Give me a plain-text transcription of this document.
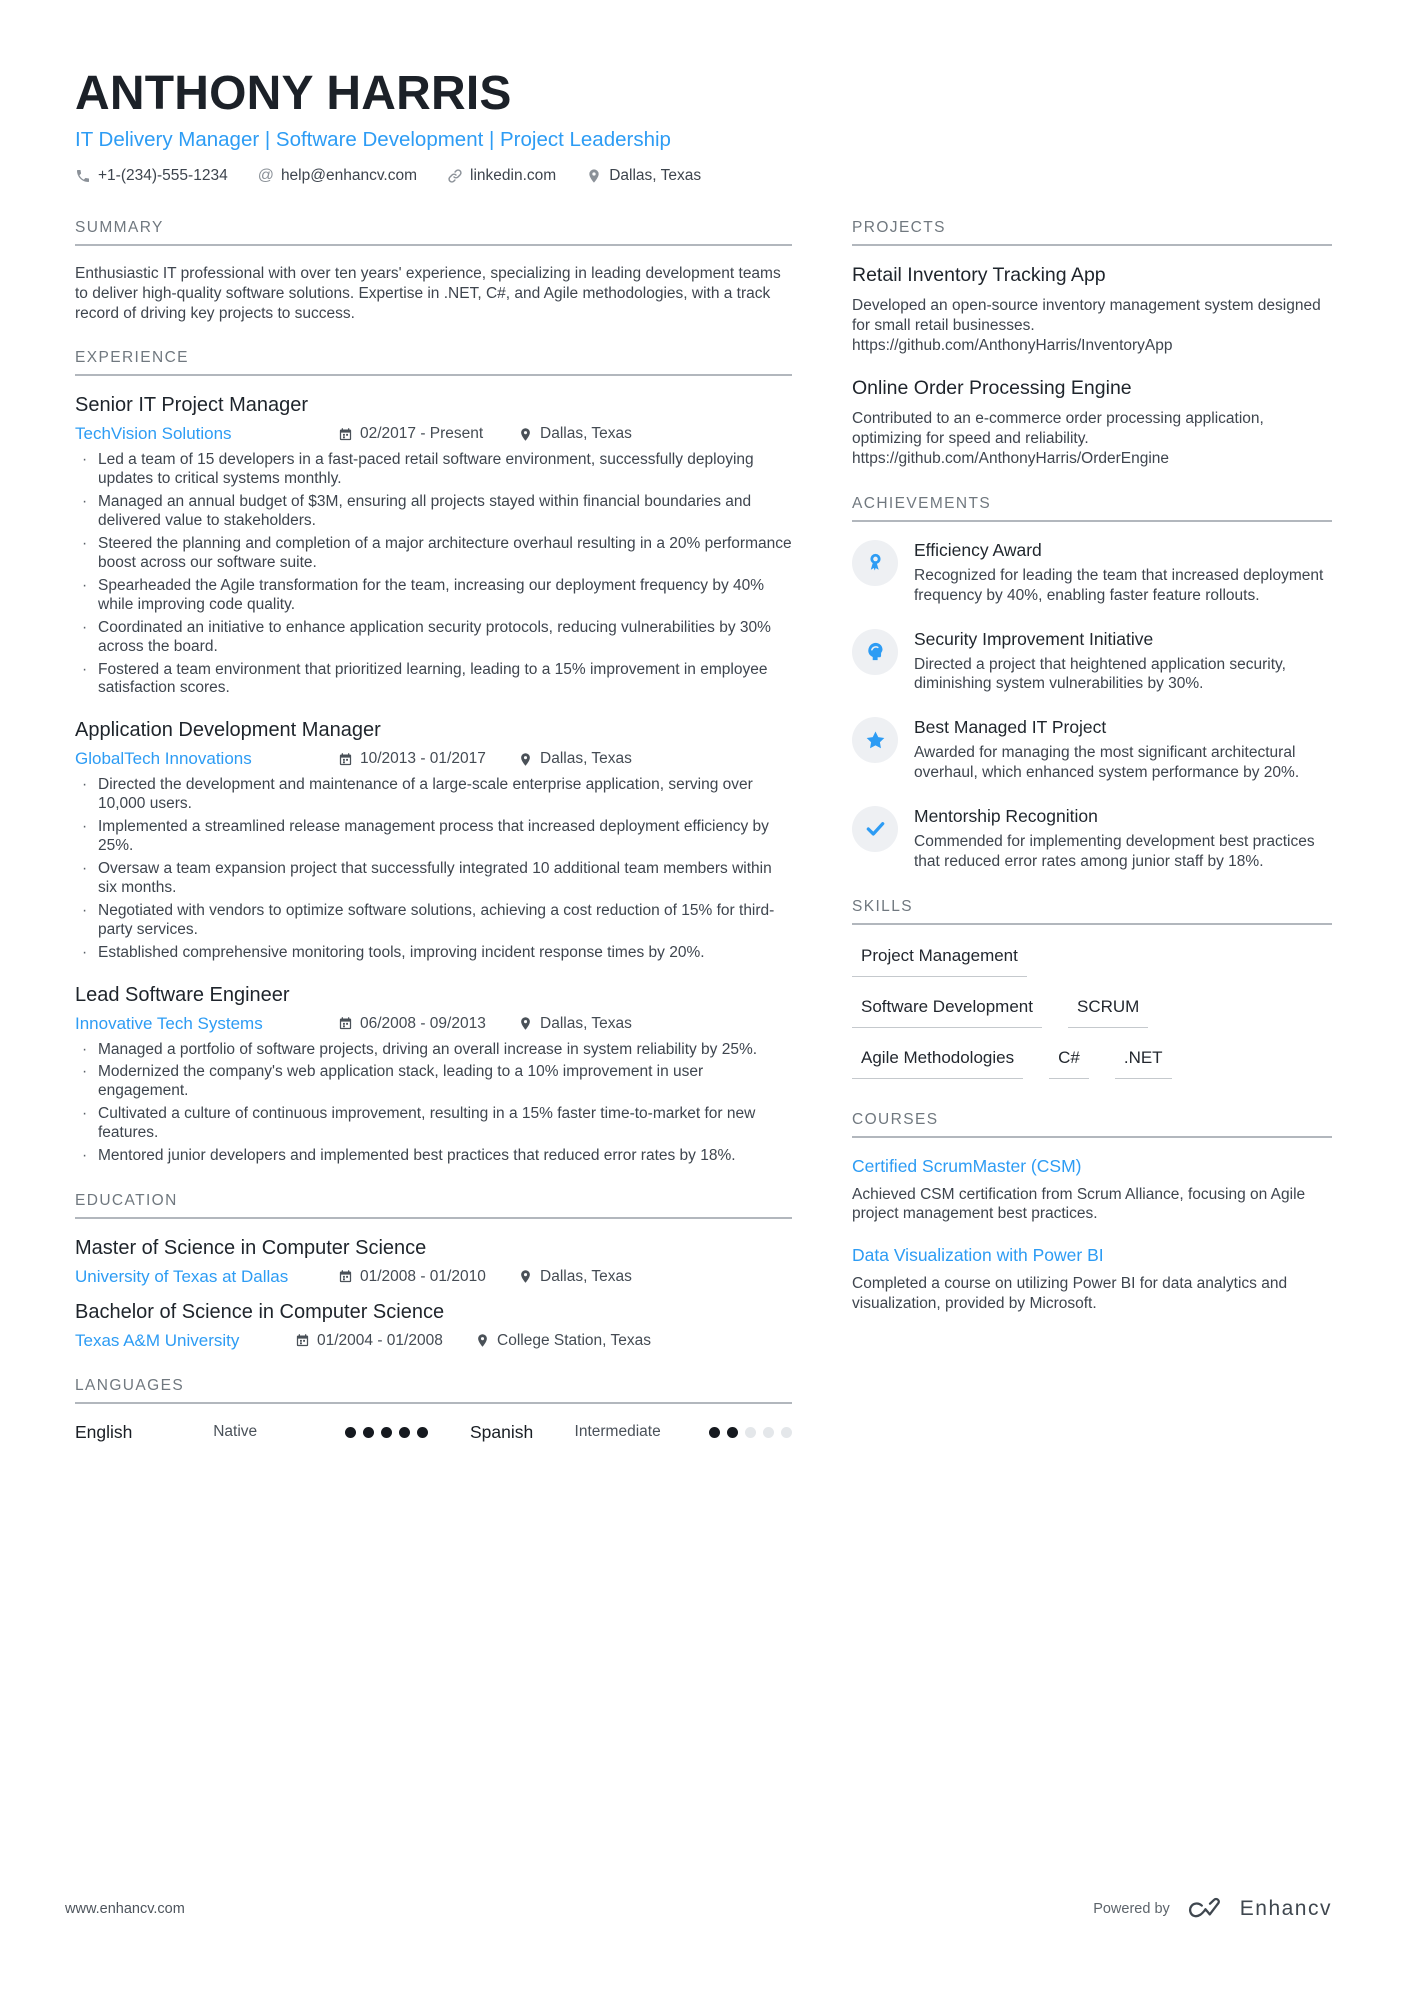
ANTHONY HARRIS
IT Delivery Manager | Software Development | Project Leadership
+1-(234)-555-1234 @ help@enhancv.com	linkedin.com	Dallas, Texas
SUMMARY

Enthusiastic IT professional with over ten years' experience, specializing in leading development teams to deliver high-quality software solutions. Expertise in .NET, C#, and Agile methodologies, with a track record of driving key projects to success.

EXPERIENCE
Senior IT Project Manager
TechVision Solutions	02/2017 - Present	Dallas, Texas
· Led a team of 15 developers in a fast-paced retail software environment, successfully deploying updates to critical systems monthly.
· Managed an annual budget of $3M, ensuring all projects stayed within financial boundaries and delivered value to stakeholders.
· Steered the planning and completion of a major architecture overhaul resulting in a 20% performance boost across our software suite.
· Spearheaded the Agile transformation for the team, increasing our deployment frequency by 40% while improving code quality.
· Coordinated an initiative to enhance application security protocols, reducing vulnerabilities by 30% across the board.
· Fostered a team environment that prioritized learning, leading to a 15% improvement in employee satisfaction scores.
Application Development Manager
GlobalTech Innovations	10/2013 - 01/2017	Dallas, Texas
· Directed the development and maintenance of a large-scale enterprise application, serving over 10,000 users.
· Implemented a streamlined release management process that increased deployment efficiency by 25%.
· Oversaw a team expansion project that successfully integrated 10 additional team members within six months.
· Negotiated with vendors to optimize software solutions, achieving a cost reduction of 15% for third-party services.
· Established comprehensive monitoring tools, improving incident response times by 20%.
Lead Software Engineer
Innovative Tech Systems	06/2008 - 09/2013	Dallas, Texas
· Managed a portfolio of software projects, driving an overall increase in system reliability by 25%.
· Modernized the company's web application stack, leading to a 10% improvement in user engagement.
· Cultivated a culture of continuous improvement, resulting in a 15% faster time-to-market for new features.
· Mentored junior developers and implemented best practices that reduced error rates by 18%.
EDUCATION
Master of Science in Computer Science
University of Texas at Dallas	01/2008 - 01/2010	Dallas, Texas
Bachelor of Science in Computer Science
Texas A&M University	01/2004 - 01/2008	College Station, Texas
LANGUAGES
English	Native	Spanish	Intermediate
PROJECTS
Retail Inventory Tracking App
Developed an open-source inventory management system designed for small retail businesses.
https://github.com/AnthonyHarris/InventoryApp
Online Order Processing Engine
Contributed to an e-commerce order processing application, optimizing for speed and reliability.
https://github.com/AnthonyHarris/OrderEngine
ACHIEVEMENTS
Efficiency Award
Recognized for leading the team that increased deployment frequency by 40%, enabling faster feature rollouts.
Security Improvement Initiative
Directed a project that heightened application security, diminishing system vulnerabilities by 30%.
Best Managed IT Project
Awarded for managing the most significant architectural overhaul, which enhanced system performance by 20%.
Mentorship Recognition
Commended for implementing development best practices that reduced error rates among junior staff by 18%.
SKILLS
Project Management
Software Development	SCRUM
Agile Methodologies	C#	.NET
COURSES
Certified ScrumMaster (CSM)
Achieved CSM certification from Scrum Alliance, focusing on Agile project management best practices.
Data Visualization with Power BI
Completed a course on utilizing Power BI for data analytics and visualization, provided by Microsoft.
www.enhancv.com	Powered by	Enhancv
